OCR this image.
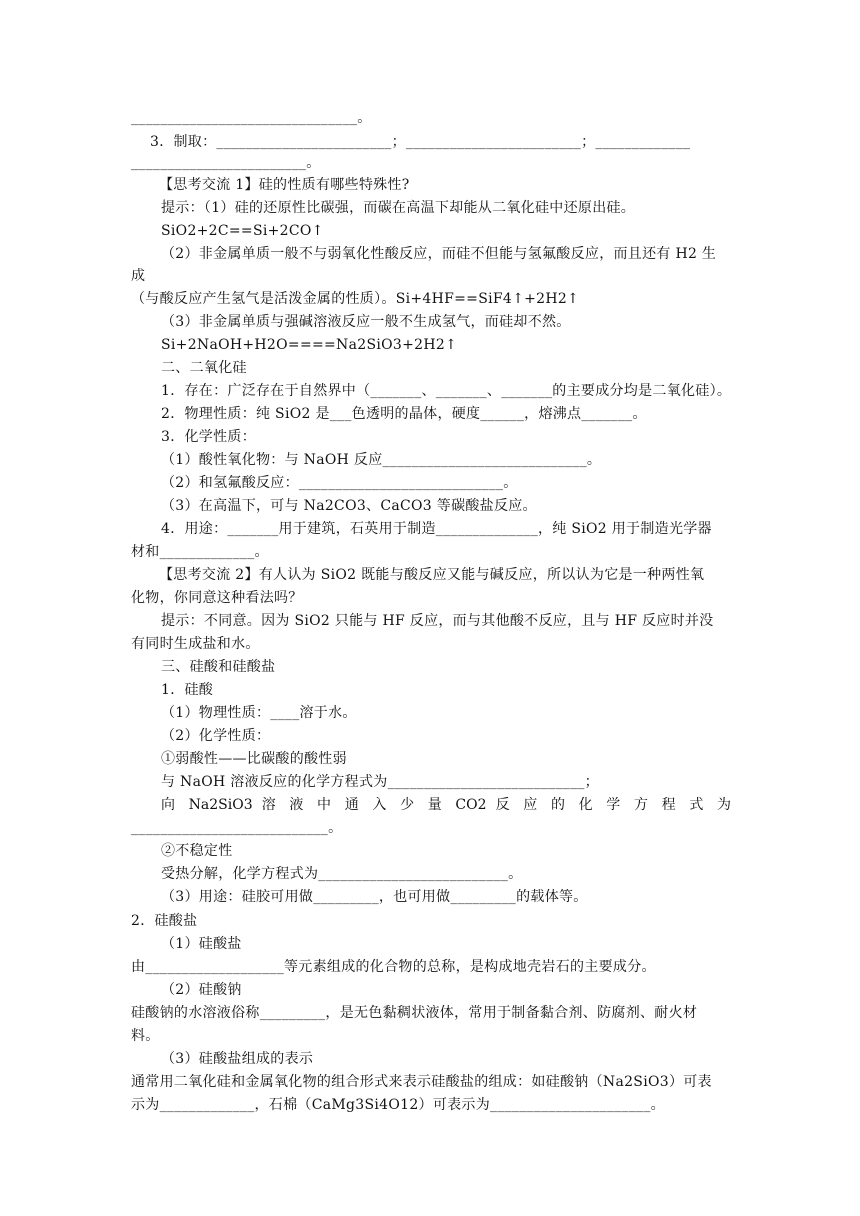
_______________________________。
3．制取：________________________；________________________；_____________
________________________。
【思考交流 1】硅的性质有哪些特殊性?
提示：（1）硅的还原性比碳强，而碳在高温下却能从二氧化硅中还原出硅。
SiO2+2C==Si+2CO↑
（2）非金属单质一般不与弱氧化性酸反应，而硅不但能与氢氟酸反应，而且还有 H2 生
成
（与酸反应产生氢气是活泼金属的性质）。Si+4HF==SiF4↑+2H2↑
（3）非金属单质与强碱溶液反应一般不生成氢气，而硅却不然。
Si+2NaOH+H2O====Na2SiO3+2H2↑
二、二氧化硅
1．存在：广泛存在于自然界中（_______、_______、_______的主要成分均是二氧化硅）。
2．物理性质：纯 SiO2 是___色透明的晶体，硬度______，熔沸点_______。
3．化学性质：
（1）酸性氧化物：与 NaOH 反应____________________________。
（2）和氢氟酸反应：____________________________。
（3）在高温下，可与 Na2CO3、CaCO3 等碳酸盐反应。
4．用途：_______用于建筑，石英用于制造______________，纯 SiO2 用于制造光学器
材和_____________。
【思考交流 2】有人认为 SiO2 既能与酸反应又能与碱反应，所以认为它是一种两性氧
化物，你同意这种看法吗？
提示：不同意。因为 SiO2 只能与 HF 反应，而与其他酸不反应，且与 HF 反应时并没
有同时生成盐和水。
三、硅酸和硅酸盐
1．硅酸
（1）物理性质：____溶于水。
（2）化学性质：
①弱酸性——比碳酸的酸性弱
与 NaOH 溶液反应的化学方程式为___________________________；
向 Na2SiO3 溶 液 中 通 入 少 量 CO2 反 应 的 化 学 方 程 式 为
___________________________。
②不稳定性
受热分解，化学方程式为__________________________。
（3）用途：硅胶可用做_________，也可用做_________的载体等。
2．硅酸盐
（1）硅酸盐
由___________________等元素组成的化合物的总称，是构成地壳岩石的主要成分。
（2）硅酸钠
硅酸钠的水溶液俗称_________，是无色黏稠状液体，常用于制备黏合剂、防腐剂、耐火材
料。
（3）硅酸盐组成的表示
通常用二氧化硅和金属氧化物的组合形式来表示硅酸盐的组成：如硅酸钠（Na2SiO3）可表
示为_____________，石棉（CaMg3Si4O12）可表示为______________________。
